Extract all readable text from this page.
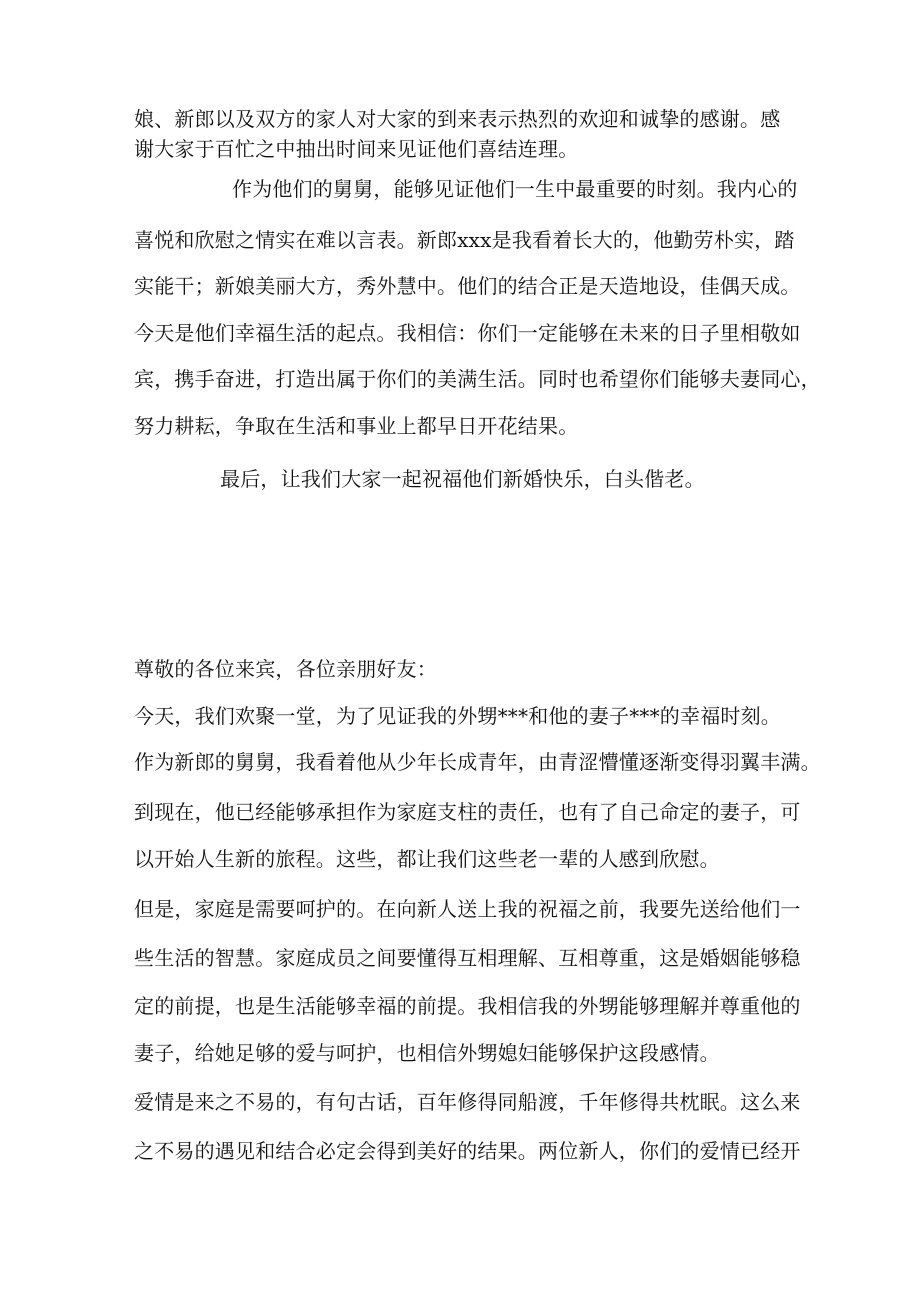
娘、新郎以及双方的家人对大家的到来表示热烈的欢迎和诚挚的感谢。感
谢大家于百忙之中抽出时间来见证他们喜结连理。
作为他们的舅舅，能够见证他们一生中最重要的时刻。我内心的
喜悦和欣慰之情实在难以言表。新郎xxx是我看着长大的，他勤劳朴实，踏
实能干；新娘美丽大方，秀外慧中。他们的结合正是天造地设，佳偶天成。
今天是他们幸福生活的起点。我相信：你们一定能够在未来的日子里相敬如
宾，携手奋进，打造出属于你们的美满生活。同时也希望你们能够夫妻同心，
努力耕耘，争取在生活和事业上都早日开花结果。
最后，让我们大家一起祝福他们新婚快乐，白头偕老。
尊敬的各位来宾，各位亲朋好友：
今天，我们欢聚一堂，为了见证我的外甥***和他的妻子***的幸福时刻。
作为新郎的舅舅，我看着他从少年长成青年，由青涩懵懂逐渐变得羽翼丰满。
到现在，他已经能够承担作为家庭支柱的责任，也有了自己命定的妻子，可
以开始人生新的旅程。这些，都让我们这些老一辈的人感到欣慰。
但是，家庭是需要呵护的。在向新人送上我的祝福之前，我要先送给他们一
些生活的智慧。家庭成员之间要懂得互相理解、互相尊重，这是婚姻能够稳
定的前提，也是生活能够幸福的前提。我相信我的外甥能够理解并尊重他的
妻子，给她足够的爱与呵护，也相信外甥媳妇能够保护这段感情。
爱情是来之不易的，有句古话，百年修得同船渡，千年修得共枕眠。这么来
之不易的遇见和结合必定会得到美好的结果。两位新人，你们的爱情已经开
